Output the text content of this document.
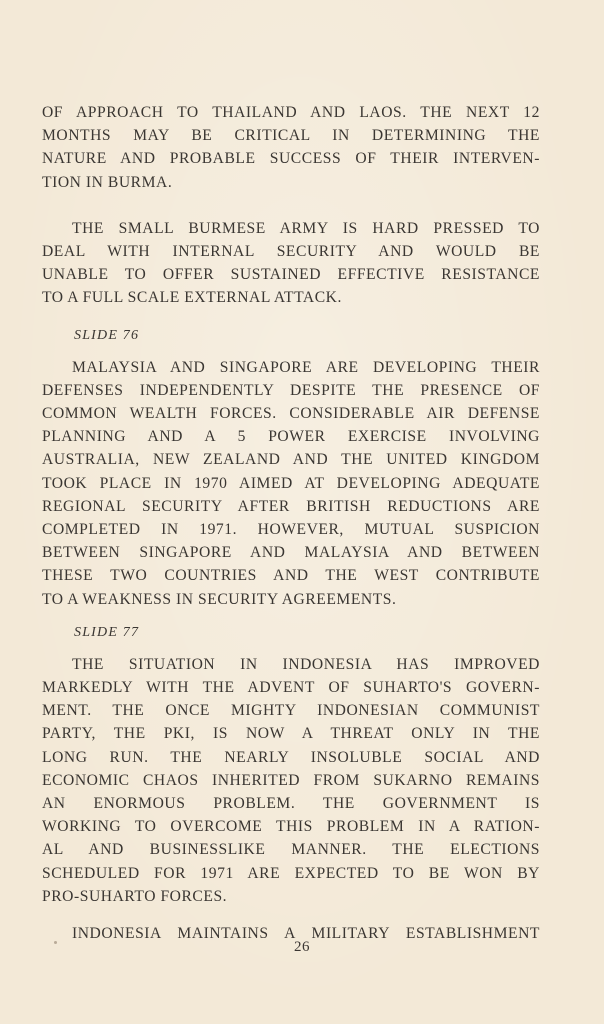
OF APPROACH TO THAILAND AND LAOS. THE NEXT 12
MONTHS MAY BE CRITICAL IN DETERMINING THE
NATURE AND PROBABLE SUCCESS OF THEIR INTERVEN-
TION IN BURMA.

THE SMALL BURMESE ARMY IS HARD PRESSED TO
DEAL WITH INTERNAL SECURITY AND WOULD BE
UNABLE TO OFFER SUSTAINED EFFECTIVE RESISTANCE
TO A FULL SCALE EXTERNAL ATTACK.

SLIDE 76

MALAYSIA AND SINGAPORE ARE DEVELOPING THEIR
DEFENSES INDEPENDENTLY DESPITE THE PRESENCE OF
COMMON WEALTH FORCES. CONSIDERABLE AIR DEFENSE
PLANNING AND A 5 POWER EXERCISE INVOLVING
AUSTRALIA, NEW ZEALAND AND THE UNITED KINGDOM
TOOK PLACE IN 1970 AIMED AT DEVELOPING ADEQUATE
REGIONAL SECURITY AFTER BRITISH REDUCTIONS ARE
COMPLETED IN 1971. HOWEVER, MUTUAL SUSPICION
BETWEEN SINGAPORE AND MALAYSIA AND BETWEEN
THESE TWO COUNTRIES AND THE WEST CONTRIBUTE
TO A WEAKNESS IN SECURITY AGREEMENTS.

SLIDE 77

THE SITUATION IN INDONESIA HAS IMPROVED
MARKEDLY WITH THE ADVENT OF SUHARTO'S GOVERN-
MENT. THE ONCE MIGHTY INDONESIAN COMMUNIST
PARTY, THE PKI, IS NOW A THREAT ONLY IN THE
LONG RUN. THE NEARLY INSOLUBLE SOCIAL AND
ECONOMIC CHAOS INHERITED FROM SUKARNO REMAINS
AN ENORMOUS PROBLEM. THE GOVERNMENT IS
WORKING TO OVERCOME THIS PROBLEM IN A RATION-
AL AND BUSINESSLIKE MANNER. THE ELECTIONS
SCHEDULED FOR 1971 ARE EXPECTED TO BE WON BY
PRO-SUHARTO FORCES.

INDONESIA MAINTAINS A MILITARY ESTABLISHMENT

26
